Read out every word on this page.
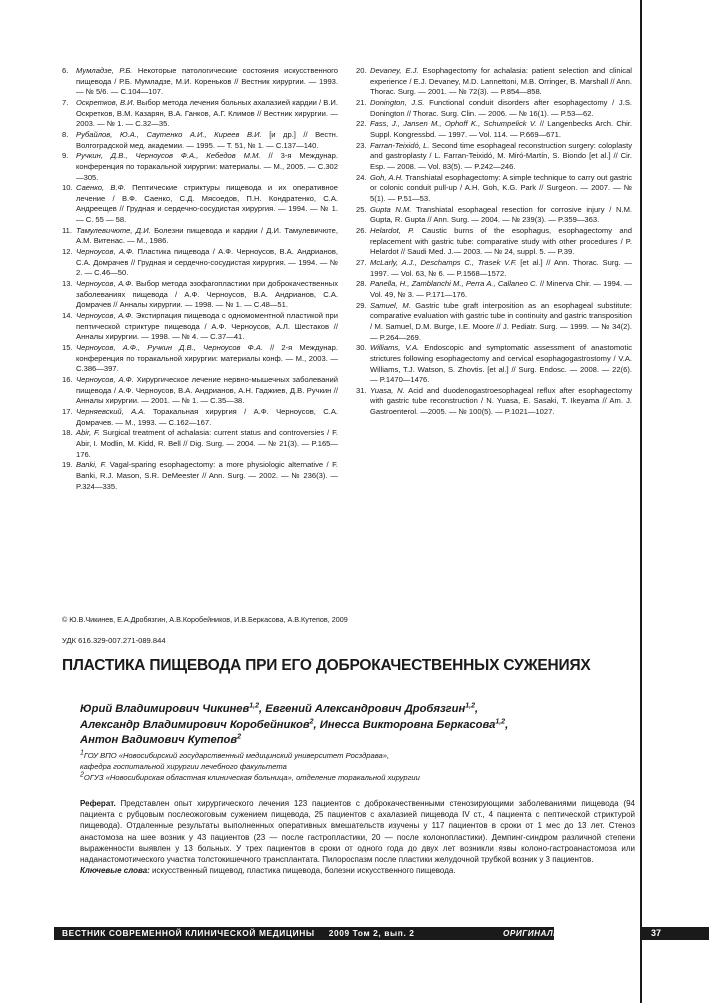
6.	Мумладзе, Р.Б. Некоторые патологические состояния искусственного пищевода / Р.Б. Мумладзе, М.И. Кореньков // Вестник хирургии. — 1993. — № 5/6. — С.104—107.
7.	Оскретков, В.И. Выбор метода лечения больных ахалазией кардии / В.И. Оскретков, В.М. Казарян, В.А. Ганков, А.Г. Климов // Вестник хирургии. — 2003. — № 1. — С.32—35.
8.	Рубайлов, Ю.А., Саутенко А.И., Киреев В.И. [и др.] // Вестн. Волгоградской мед. академии. — 1995. — Т. 51, № 1. — С.137—140.
9.	Ручкин, Д.В., Черноусов Ф.А., Кебедов М.М. // 3-я Междунар. конференция по торакальной хирургии: материалы. — М., 2005. — С.302—305.
10. Саенко, В.Ф. Пептические стриктуры пищевода и их оперативное лечение / В.Ф. Саенко, С.Д. Мясоедов, П.Н. Кондратенко, С.А. Андреещев // Грудная и сердечно-сосудистая хирургия. — 1994. — № 1. — С. 55 — 58.
11. Тамулевичюте, Д.И. Болезни пищевода и кардии / Д.И. Тамулевичюте, А.М. Витенас. — М., 1986.
12. Черноусов, А.Ф. Пластика пищевода / А.Ф. Черноусов, В.А. Андрианов, С.А. Домрачев // Грудная и сердечно-сосудистая хирургия. — 1994. — № 2. — С.46—50.
13. Черноусов, А.Ф. Выбор метода эзофагопластики при доброкачественных заболеваниях пищевода / А.Ф. Черноусов, В.А. Андрианов, С.А. Домрачев // Анналы хирургии. — 1998. — № 1. — С.48—51.
14. Черноусов, А.Ф. Экстирпация пищевода с одномоментной пластикой при пептической стриктуре пищевода / А.Ф. Черноусов, А.Л. Шестаков // Анналы хирургии. — 1998. — № 4. — С.37—41.
15. Черноусов, А.Ф., Ручкин Д.В., Черноусов Ф.А. // 2-я Междунар. конференция по торакальной хирургии: материалы конф. — М., 2003. — С.386—397.
16. Черноусов, А.Ф. Хирургическое лечение нервно-мышечных заболеваний пищевода / А.Ф. Черноусов, В.А. Андрианов, А.Н. Гаджиев, Д.В. Ручкин // Анналы хирургии. — 2001. — № 1. — С.35—38.
17. Черняевский, А.А. Торакальная хирургия / А.Ф. Черноусов, С.А. Домрачев. — М., 1993. — С.162—167.
18. Abir, F. Surgical treatment of achalasia: current status and controversies / F. Abir, I. Modlin, M. Kidd, R. Bell // Dig. Surg. — 2004. — № 21(3). — P.165—176.
19. Banki, F. Vagal-sparing esophagectomy: a more physiologic alternative / F. Banki, R.J. Mason, S.R. DeMeester // Ann. Surg. — 2002. — № 236(3). — P.324—335.
20. Devaney, E.J. Esophagectomy for achalasia: patient selection and clinical experience / E.J. Devaney, M.D. Lannettoni, M.B. Orringer, B. Marshall // Ann. Thorac. Surg. — 2001. — № 72(3). — P.854—858.
21. Donington, J.S. Functional conduit disorders after esophagectomy / J.S. Donington // Thorac. Surg. Clin. — 2006. — № 16(1). — P.53—62.
22. Fass, J., Jansen M., Ophoff K., Schumpelick V. // Langenbecks Arch. Chir. Suppl. Kongressbd. — 1997. — Vol. 114. — P.669—671.
23. Farran-Teixidó, L. Second time esophageal reconstruction surgery: coloplasty and gastroplasty / L. Farran-Teixidó, M. Miró-Martín, S. Biondo [et al.] // Cir. Esp. — 2008. — Vol. 83(5). — P.242—246.
24. Goh, A.H. Transhiatal esophagectomy: A simple technique to carry out gastric or colonic conduit pull-up / A.H. Goh, K.G. Park // Surgeon. — 2007. — № 5(1). — P.51—53.
25. Gupta N.M. Transhiatal esophageal resection for corrosive injury / N.M. Gupta, R. Gupta // Ann. Surg. — 2004. — № 239(3). — P.359—363.
26. Helardot, P. Caustic burns of the esophagus, esophagectomy and replacement with gastric tube: comparative study with other procedures / P. Helardot // Saudi Med. J.— 2003. — № 24, suppl. 5. — P.39.
27. McLarly, A.J., Deschamps C., Trasek V.F. [et al.] // Ann. Thorac. Surg. — 1997. — Vol. 63, № 6. — P.1568—1572.
28. Panella, H., Zamblanchi M., Perra A., Callaneo C. // Minerva Chir. — 1994. — Vol. 49, № 3. — P.171—176.
29. Samuel, M. Gastric tube graft interposition as an esophageal substitute: comparative evaluation with gastric tube in continuity and gastric transposition / M. Samuel, D.M. Burge, I.E. Moore // J. Pediatr. Surg. — 1999. — № 34(2). — P.264—269.
30. Williams, V.A. Endoscopic and symptomatic assessment of anastomotic strictures following esophagectomy and cervical esophagogastrostomy / V.A. Williams, T.J. Watson, S. Zhovtis. [et al.] // Surg. Endosc. — 2008. — 22(6). — P.1470—1476.
31. Yuasa, N. Acid and duodenogastroesophageal reflux after esophagectomy with gastric tube reconstruction / N. Yuasa, E. Sasaki, T. Ikeyama // Am. J. Gastroenterol. —2005. — № 100(5). — P.1021—1027.
© Ю.В.Чикинев, Е.А.Дробязгин, А.В.Коробейников, И.В.Беркасова, А.В.Кутепов, 2009
УДК 616.329-007.271-089.844
ПЛАСТИКА ПИЩЕВОДА ПРИ ЕГО ДОБРОКАЧЕСТВЕННЫХ СУЖЕНИЯХ
Юрий Владимирович Чикинев$^{1,2}$, Евгений Александрович Дробязгин$^{1,2}$,
Александр Владимирович Коробейников$^2$, Инесса Викторовна Беркасова$^{1,2}$,
Антон Вадимович Кутепов$^2$
1ГОУ ВПО «Новосибирский государственный медицинский университет Росздрава»,
кафедра госпитальной хирургии лечебного факультета
2ОГУЗ «Новосибирская областная клиническая больница», отделение торакальной хирургии
Реферат. Представлен опыт хирургического лечения 123 пациентов с доброкачественными стенозирующими заболеваниями пищевода (94 пациента с рубцовым послеожоговым сужением пищевода, 25 пациентов с ахалазией пищевода IV ст., 4 пациента с пептической стриктурой пищевода). Отдаленные результаты выполненных оперативных вмешательств изучены у 117 пациентов в сроки от 1 мес до 13 лет. Стеноз анастомоза на шее возник у 43 пациентов (23 — после гастропластики, 20 — после колонопластики). Демпинг-синдром различной степени выраженности выявлен у 13 больных. У трех пациентов в сроки от одного года до двух лет возникли язвы колоно-гастроанастомоза или наданастомотического участка толстокишечного трансплантата. Пилороспазм после пластики желудочной трубкой возник у 3 пациентов.
Ключевые слова: искусственный пищевод, пластика пищевода, болезни искусственного пищевода.
ВЕСТНИК СОВРЕМЕННОЙ КЛИНИЧЕСКОЙ МЕДИЦИНЫ 2009 Том 2, вып. 2	ОРИГИНАЛЬНЫЕ СТАТЬИ
37
